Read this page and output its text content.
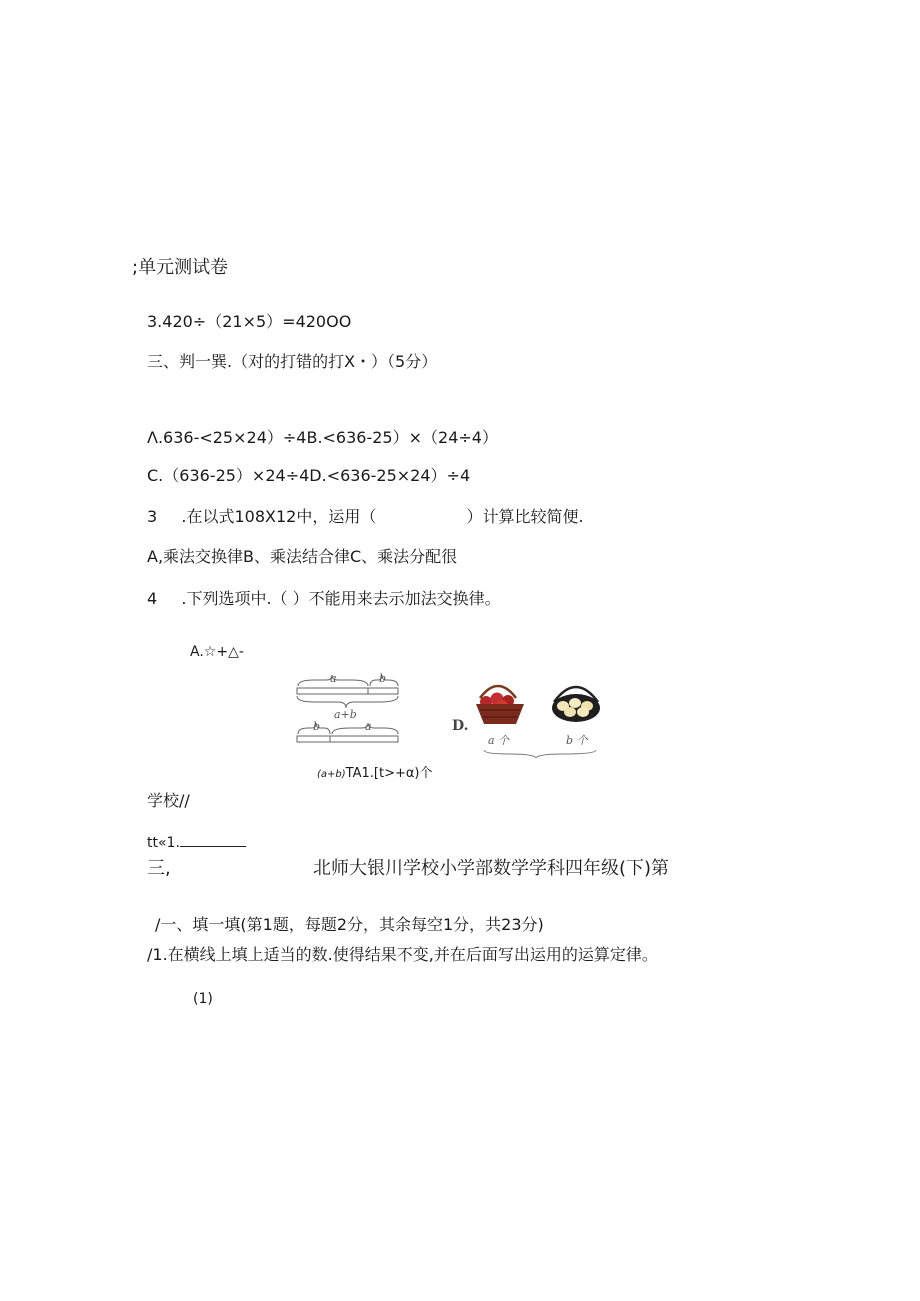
;单元测试卷
3.420÷（21×5）=420OO
三、判一巽.（对的打错的打X・）（5分）
Λ.636-<25×24）÷4B.<636-25）×（24÷4）
C.（636-25）×24÷4D.<636-25×24）÷4
3 .在以式108X12中，运用（	）计算比较简便.
A,乘法交换律B、乘法结合律C、乘法分配很
4 .下列选项中.（ ）不能用来去示加法交换律。
A.☆+△-
a	b
a+b
b	a	D.
a 个	b 个
(a+b)TA1.[t>+α)个
学校//
tt«1.
三,	北师大银川学校小学部数学学科四年级(下)第
/一、填一填(第1题，每题2分，其余每空1分，共23分)
/1.在横线上填上适当的数.使得结果不变,并在后面写出运用的运算定律。
(1)
